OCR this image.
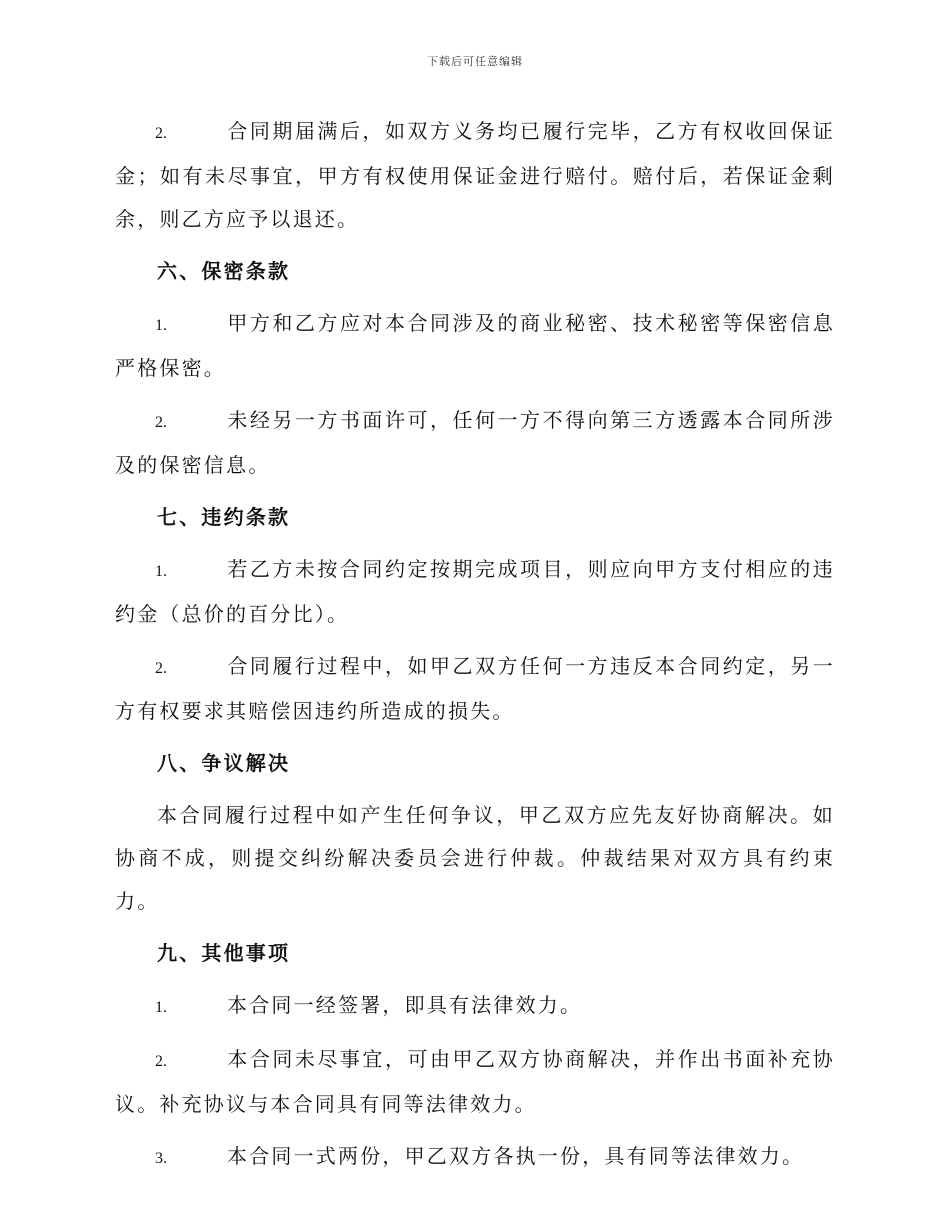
下载后可任意编辑

2.	合同期届满后，如双方义务均已履行完毕，乙方有权收回保证金；如有未尽事宜，甲方有权使用保证金进行赔付。赔付后，若保证金剩余，则乙方应予以退还。

六、保密条款

1.	甲方和乙方应对本合同涉及的商业秘密、技术秘密等保密信息严格保密。

2.	未经另一方书面许可，任何一方不得向第三方透露本合同所涉及的保密信息。

七、违约条款

1.	若乙方未按合同约定按期完成项目，则应向甲方支付相应的违约金（总价的百分比）。

2.	合同履行过程中，如甲乙双方任何一方违反本合同约定，另一方有权要求其赔偿因违约所造成的损失。

八、争议解决

本合同履行过程中如产生任何争议，甲乙双方应先友好协商解决。如协商不成，则提交纠纷解决委员会进行仲裁。仲裁结果对双方具有约束力。

九、其他事项

1.	本合同一经签署，即具有法律效力。

2.	本合同未尽事宜，可由甲乙双方协商解决，并作出书面补充协议。补充协议与本合同具有同等法律效力。

3.	本合同一式两份，甲乙双方各执一份，具有同等法律效力。
